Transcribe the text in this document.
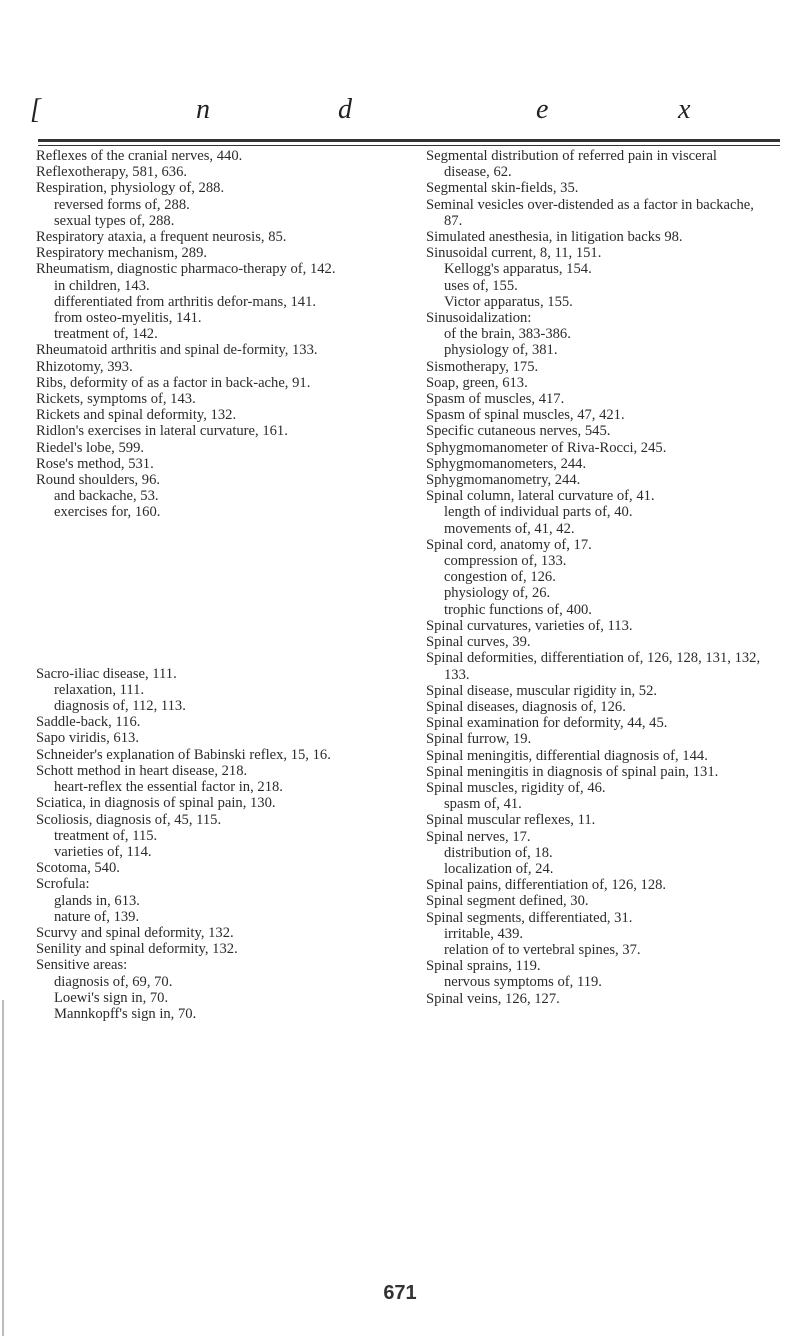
[	n	d	e	x
Reflexes of the cranial nerves, 440.
Reflexotherapy, 581, 636.
Respiration, physiology of, 288.
reversed forms of, 288.
sexual types of, 288.
Respiratory ataxia, a frequent neurosis, 85.
Respiratory mechanism, 289.
Rheumatism, diagnostic pharmaco-therapy of, 142.
in children, 143.
differentiated from arthritis defor-mans, 141.
from osteo-myelitis, 141.
treatment of, 142.
Rheumatoid arthritis and spinal de-formity, 133.
Rhizotomy, 393.
Ribs, deformity of as a factor in back-ache, 91.
Rickets, symptoms of, 143.
Rickets and spinal deformity, 132.
Ridlon's exercises in lateral curvature, 161.
Riedel's lobe, 599.
Rose's method, 531.
Round shoulders, 96.
and backache, 53.
exercises for, 160.
Sacro-iliac disease, 111.
relaxation, 111.
diagnosis of, 112, 113.
Saddle-back, 116.
Sapo viridis, 613.
Schneider's explanation of Babinski reflex, 15, 16.
Schott method in heart disease, 218.
heart-reflex the essential factor in, 218.
Sciatica, in diagnosis of spinal pain, 130.
Scoliosis, diagnosis of, 45, 115.
treatment of, 115.
varieties of, 114.
Scotoma, 540.
Scrofula:
glands in, 613.
nature of, 139.
Scurvy and spinal deformity, 132.
Senility and spinal deformity, 132.
Sensitive areas:
diagnosis of, 69, 70.
Loewi's sign in, 70.
Mannkopff's sign in, 70.
Segmental distribution of referred pain in visceral disease, 62.
Segmental skin-fields, 35.
Seminal vesicles over-distended as a factor in backache, 87.
Simulated anesthesia, in litigation backs 98.
Sinusoidal current, 8, 11, 151.
Kellogg's apparatus, 154.
uses of, 155.
Victor apparatus, 155.
Sinusoidalization:
of the brain, 383-386.
physiology of, 381.
Sismotherapy, 175.
Soap, green, 613.
Spasm of muscles, 417.
Spasm of spinal muscles, 47, 421.
Specific cutaneous nerves, 545.
Sphygmomanometer of Riva-Rocci, 245.
Sphygmomanometers, 244.
Sphygmomanometry, 244.
Spinal column, lateral curvature of, 41.
length of individual parts of, 40.
movements of, 41, 42.
Spinal cord, anatomy of, 17.
compression of, 133.
congestion of, 126.
physiology of, 26.
trophic functions of, 400.
Spinal curvatures, varieties of, 113.
Spinal curves, 39.
Spinal deformities, differentiation of, 126, 128, 131, 132, 133.
Spinal disease, muscular rigidity in, 52.
Spinal diseases, diagnosis of, 126.
Spinal examination for deformity, 44, 45.
Spinal furrow, 19.
Spinal meningitis, differential diagnosis of, 144.
Spinal meningitis in diagnosis of spinal pain, 131.
Spinal muscles, rigidity of, 46.
spasm of, 41.
Spinal muscular reflexes, 11.
Spinal nerves, 17.
distribution of, 18.
localization of, 24.
Spinal pains, differentiation of, 126, 128.
Spinal segment defined, 30.
Spinal segments, differentiated, 31.
irritable, 439.
relation of to vertebral spines, 37.
Spinal sprains, 119.
nervous symptoms of, 119.
Spinal veins, 126, 127.
671
